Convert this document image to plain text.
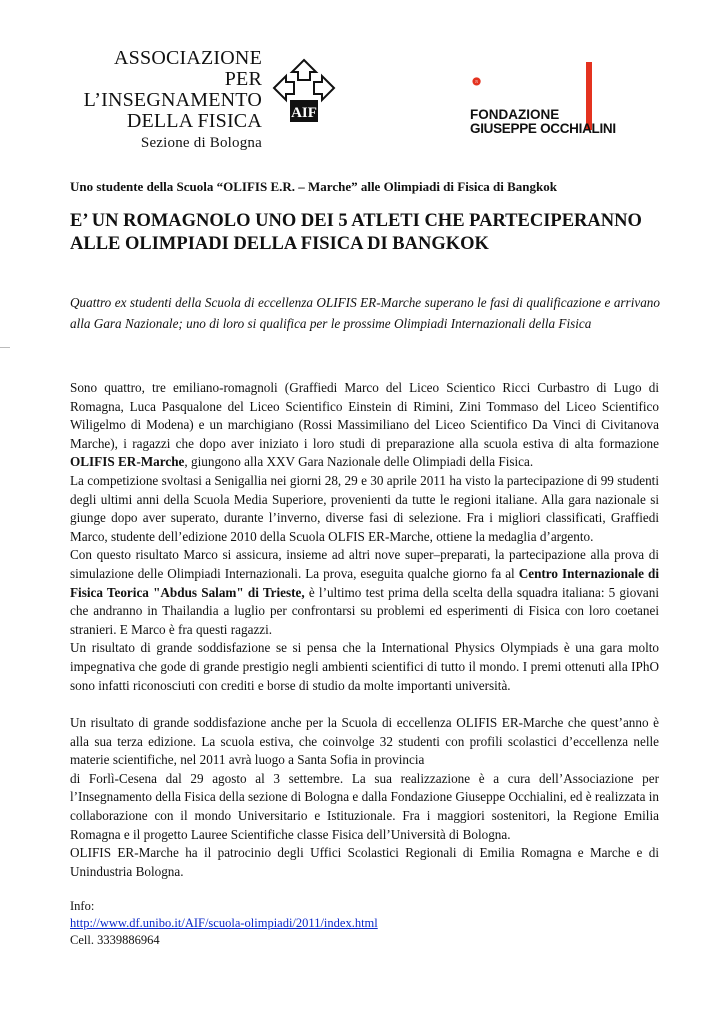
ASSOCIAZIONE
PER L’INSEGNAMENTO
DELLA FISICA
Sezione di Bologna
AIF
π
FONDAZIONE
GIUSEPPE OCCHIALINI
Uno studente della Scuola “OLIFIS E.R. – Marche” alle Olimpiadi di Fisica di Bangkok
E’ UN ROMAGNOLO UNO DEI 5 ATLETI CHE PARTECIPERANNO ALLE OLIMPIADI DELLA FISICA DI BANGKOK
Quattro ex studenti della Scuola di eccellenza OLIFIS ER-Marche superano le fasi di qualificazione e arrivano alla Gara Nazionale; uno di loro si qualifica per le prossime Olimpiadi Internazionali della Fisica

Sono quattro, tre emiliano-romagnoli (Graffiedi Marco del Liceo Scientico Ricci Curbastro di Lugo di Romagna, Luca Pasqualone del Liceo Scientifico Einstein di Rimini, Zini Tommaso del Liceo Scientifico Wiligelmo di Modena) e un marchigiano (Rossi Massimiliano del Liceo Scientifico Da Vinci di Civitanova Marche), i ragazzi che dopo aver iniziato i loro studi di preparazione alla scuola estiva di alta formazione OLIFIS ER-Marche, giungono alla XXV Gara Nazionale delle Olimpiadi della Fisica.

La competizione svoltasi a Senigallia nei giorni 28, 29 e 30 aprile 2011 ha visto la partecipazione di 99 studenti degli ultimi anni della Scuola Media Superiore, provenienti da tutte le regioni italiane. Alla gara nazionale si giunge dopo aver superato, durante l’inverno, diverse fasi di selezione. Fra i migliori classificati, Graffiedi Marco, studente dell’edizione 2010 della Scuola OLFIS ER-Marche, ottiene la medaglia d’argento.

Con questo risultato Marco si assicura, insieme ad altri nove super–preparati, la partecipazione alla prova di simulazione delle Olimpiadi Internazionali. La prova, eseguita qualche giorno fa al Centro Internazionale di Fisica Teorica "Abdus Salam" di Trieste, è l’ultimo test prima della scelta della squadra italiana: 5 giovani che andranno in Thailandia a luglio per confrontarsi su problemi ed esperimenti di Fisica con loro coetanei stranieri. E Marco è fra questi ragazzi.

Un risultato di grande soddisfazione se si pensa che la International Physics Olympiads è una gara molto impegnativa che gode di grande prestigio negli ambienti scientifici di tutto il mondo. I premi ottenuti alla IPhO sono infatti riconosciuti con crediti e borse di studio da molte importanti università.

Un risultato di grande soddisfazione anche per la Scuola di eccellenza OLIFIS ER-Marche che quest’anno è alla sua terza edizione. La scuola estiva, che coinvolge 32 studenti con profili scolastici d’eccellenza nelle materie scientifiche, nel 2011 avrà luogo a Santa Sofia in provincia

di Forlì-Cesena dal 29 agosto al 3 settembre. La sua realizzazione è a cura dell’Associazione per l’Insegnamento della Fisica della sezione di Bologna e dalla Fondazione Giuseppe Occhialini, ed è realizzata in collaborazione con il mondo Universitario e Istituzionale. Fra i maggiori sostenitori, la Regione Emilia Romagna e il progetto Lauree Scientifiche classe Fisica dell’Università di Bologna.

OLIFIS ER-Marche ha il patrocinio degli Uffici Scolastici Regionali di Emilia Romagna e Marche e di Unindustria Bologna.

Info:
http://www.df.unibo.it/AIF/scuola-olimpiadi/2011/index.html
Cell. 3339886964
